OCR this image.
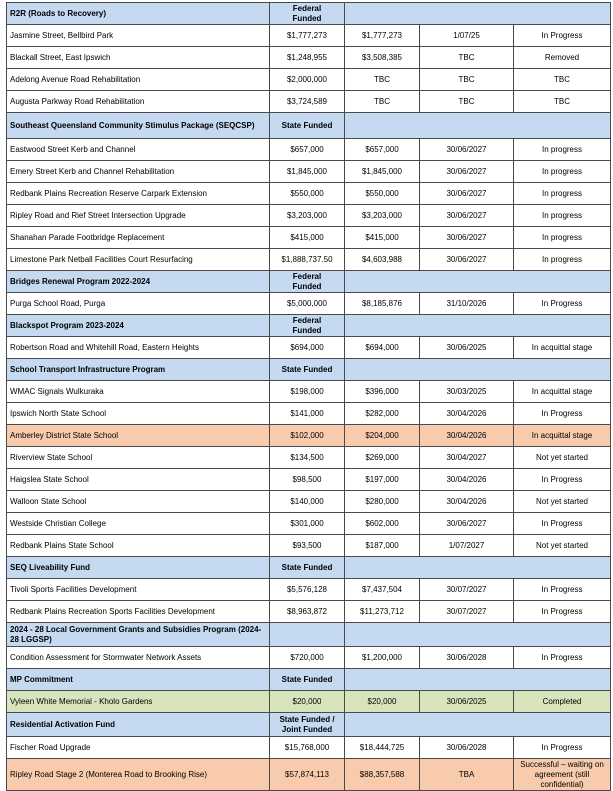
R2R (Roads to Recovery)	Federal
Funded			
Jasmine Street, Bellbird Park	$1,777,273	$1,777,273	1/07/25	In Progress
Blackall Street, East Ipswich	$1,248,955	$3,508,385	TBC	Removed
Adelong Avenue Road Rehabilitation	$2,000,000	TBC	TBC	TBC
Augusta Parkway Road Rehabilitation	$3,724,589	TBC	TBC	TBC
Southeast Queensland Community Stimulus Package (SEQCSP)	State Funded			
Eastwood Street Kerb and Channel	$657,000	$657,000	30/06/2027	In progress
Emery Street Kerb and Channel Rehabilitation	$1,845,000	$1,845,000	30/06/2027	In progress
Redbank Plains Recreation Reserve Carpark Extension	$550,000	$550,000	30/06/2027	In progress
Ripley Road and Rief Street Intersection Upgrade	$3,203,000	$3,203,000	30/06/2027	In progress
Shanahan Parade Footbridge Replacement	$415,000	$415,000	30/06/2027	In progress
Limestone Park Netball Facilities Court Resurfacing	$1,888,737.50	$4,603,988	30/06/2027	In progress
Bridges Renewal Program 2022-2024	Federal
Funded			
Purga School Road, Purga	$5,000,000	$8,185,876	31/10/2026	In Progress
Blackspot Program 2023-2024	Federal
Funded			
Robertson Road and Whitehill Road, Eastern Heights	$694,000	$694,000	30/06/2025	In acquittal stage
School Transport Infrastructure Program	State Funded			
WMAC Signals Wulkuraka	$198,000	$396,000	30/03/2025	In acquittal stage
Ipswich North State School	$141,000	$282,000	30/04/2026	In Progress
Amberley District State School	$102,000	$204,000	30/04/2026	In acquittal stage
Riverview State School	$134,500	$269,000	30/04/2027	Not yet started
Haigslea State School	$98,500	$197,000	30/04/2026	In Progress
Walloon State School	$140,000	$280,000	30/04/2026	Not yet started
Westside Christian College	$301,000	$602,000	30/06/2027	In Progress
Redbank Plains State School	$93,500	$187,000	1/07/2027	Not yet started
SEQ Liveability Fund	State Funded			
Tivoli Sports Facilities Development	$5,576,128	$7,437,504	30/07/2027	In Progress
Redbank Plains Recreation Sports Facilities Development	$8,963,872	$11,273,712	30/07/2027	In Progress
2024 - 28 Local Government Grants and Subsidies Program (2024-28 LGGSP)				
Condition Assessment for Stormwater Network Assets	$720,000	$1,200,000	30/06/2028	In Progress
MP Commitment	State Funded			
Vyleen White Memorial - Kholo Gardens	$20,000	$20,000	30/06/2025	Completed
Residential Activation Fund	State Funded /
Joint Funded			
Fischer Road Upgrade	$15,768,000	$18,444,725	30/06/2028	In Progress
Ripley Road Stage 2 (Monterea Road to Brooking Rise)	$57,874,113	$88,357,588	TBA	Successful – waiting on agreement (still confidential)
